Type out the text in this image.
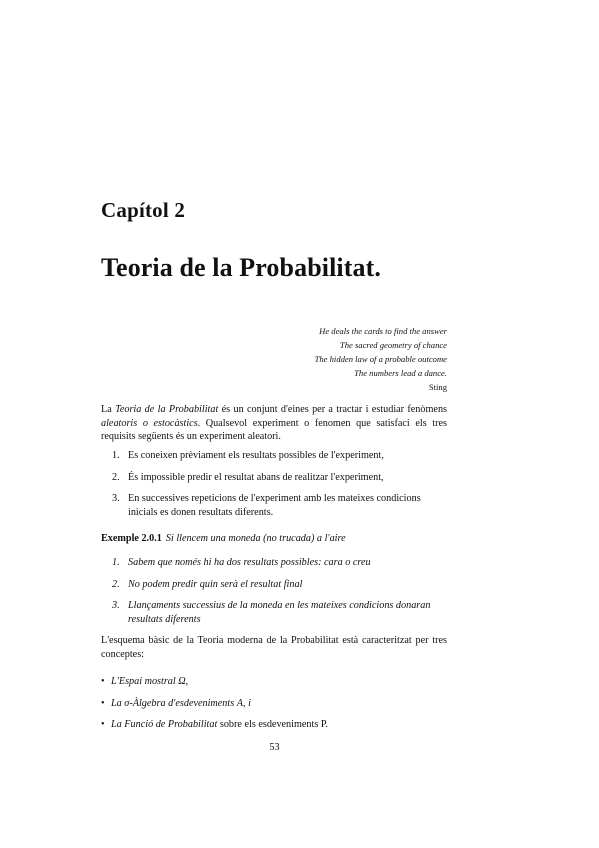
Capítol 2
Teoria de la Probabilitat.
He deals the cards to find the answer
The sacred geometry of chance
The hidden law of a probable outcome
The numbers lead a dance.
Sting
La Teoria de la Probabilitat és un conjunt d'eines per a tractar i estudiar fenòmens aleatoris o estocàstics. Qualsevol experiment o fenomen que satisfaci els tres requisits següents és un experiment aleatori.
1. Es coneixen prèviament els resultats possibles de l'experiment,
2. És impossible predir el resultat abans de realitzar l'experiment,
3. En successives repeticions de l'experiment amb les mateixes condicions inicials es donen resultats diferents.
Exemple 2.0.1 Si llencem una moneda (no trucada) a l'aire
1. Sabem que només hi ha dos resultats possibles: cara o creu
2. No podem predir quin serà el resultat final
3. Llançaments successius de la moneda en les mateixes condicions donaran resultats diferents
L'esquema bàsic de la Teoria moderna de la Probabilitat està caracteritzat per tres conceptes:
• L'Espai mostral Ω,
• La σ-Àlgebra d'esdeveniments A, i
• La Funció de Probabilitat sobre els esdeveniments P.
53
